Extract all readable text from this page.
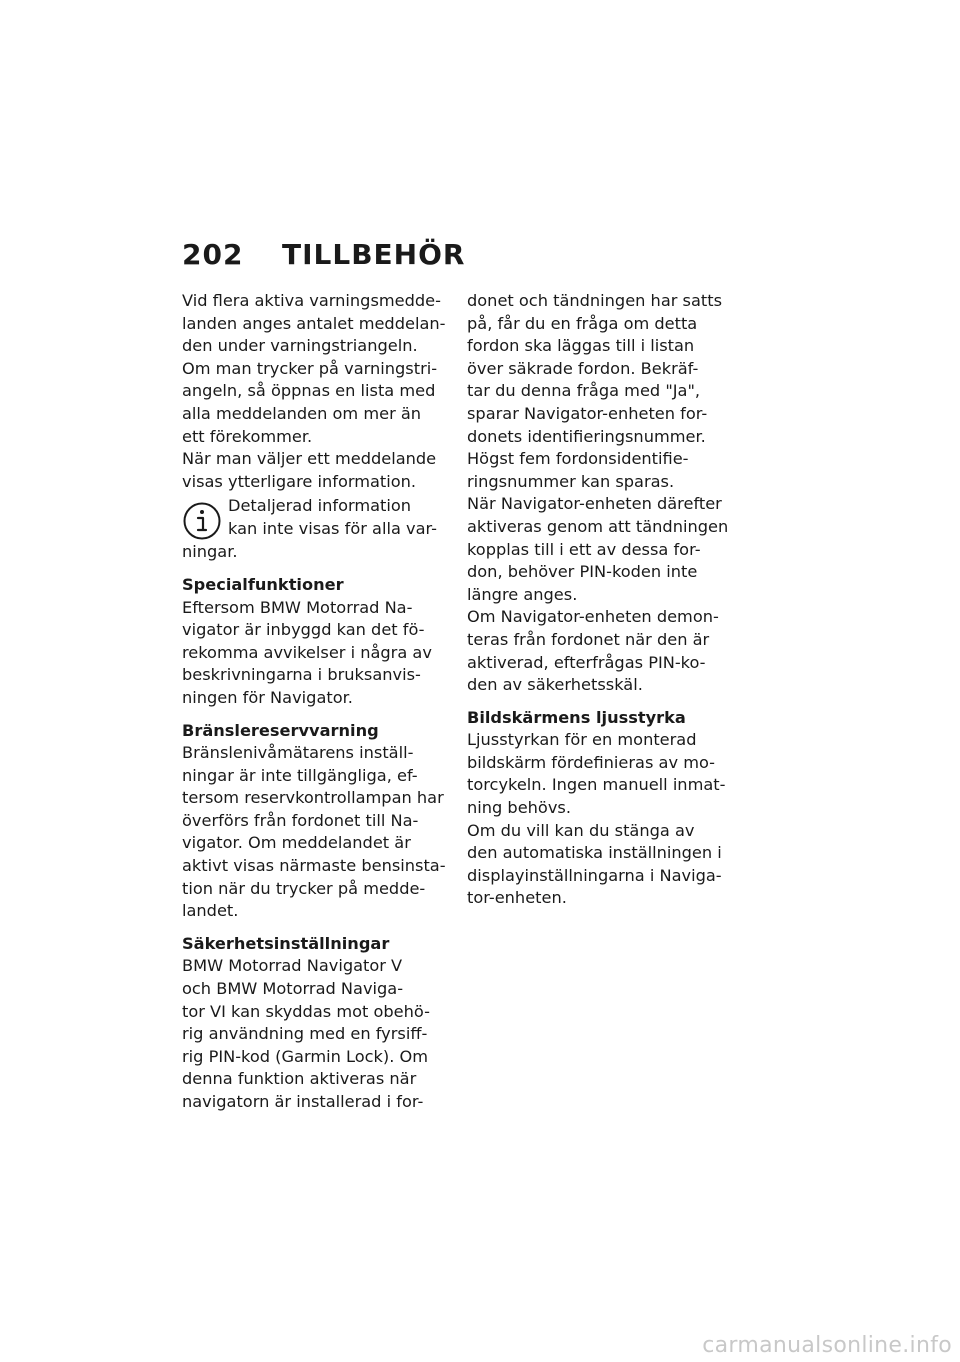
202	TILLBEHÖR

Vid flera aktiva varningsmedde-
landen anges antalet meddelan-
den under varningstriangeln.
Om man trycker på varningstri-
angeln, så öppnas en lista med
alla meddelanden om mer än
ett förekommer.
När man väljer ett meddelande
visas ytterligare information.

Detaljerad information
kan inte visas för alla var-

ningar.

Specialfunktioner

Eftersom BMW Motorrad Na-
vigator är inbyggd kan det fö-
rekomma avvikelser i några av
beskrivningarna i bruksanvis-
ningen för Navigator.

Bränslereservvarning

Bränslenivåmätarens inställ-
ningar är inte tillgängliga, ef-
tersom reservkontrollampan har
överförs från fordonet till Na-
vigator. Om meddelandet är
aktivt visas närmaste bensinsta-
tion när du trycker på medde-
landet.

Säkerhetsinställningar

BMW Motorrad Navigator V
och BMW Motorrad Naviga-
tor VI kan skyddas mot obehö-
rig användning med en fyrsiff-
rig PIN-kod (Garmin Lock). Om
denna funktion aktiveras när
navigatorn är installerad i for-

donet och tändningen har satts
på, får du en fråga om detta
fordon ska läggas till i listan
över säkrade fordon. Bekräf-
tar du denna fråga med "Ja",
sparar Navigator-enheten for-
donets identifieringsnummer.
Högst fem fordonsidentifie-
ringsnummer kan sparas.
När Navigator-enheten därefter
aktiveras genom att tändningen
kopplas till i ett av dessa for-
don, behöver PIN-koden inte
längre anges.
Om Navigator-enheten demon-
teras från fordonet när den är
aktiverad, efterfrågas PIN-ko-
den av säkerhetsskäl.

Bildskärmens ljusstyrka

Ljusstyrkan för en monterad
bildskärm fördefinieras av mo-
torcykeln. Ingen manuell inmat-
ning behövs.
Om du vill kan du stänga av
den automatiska inställningen i
displayinställningarna i Naviga-
tor-enheten.

carmanualsonline.info
